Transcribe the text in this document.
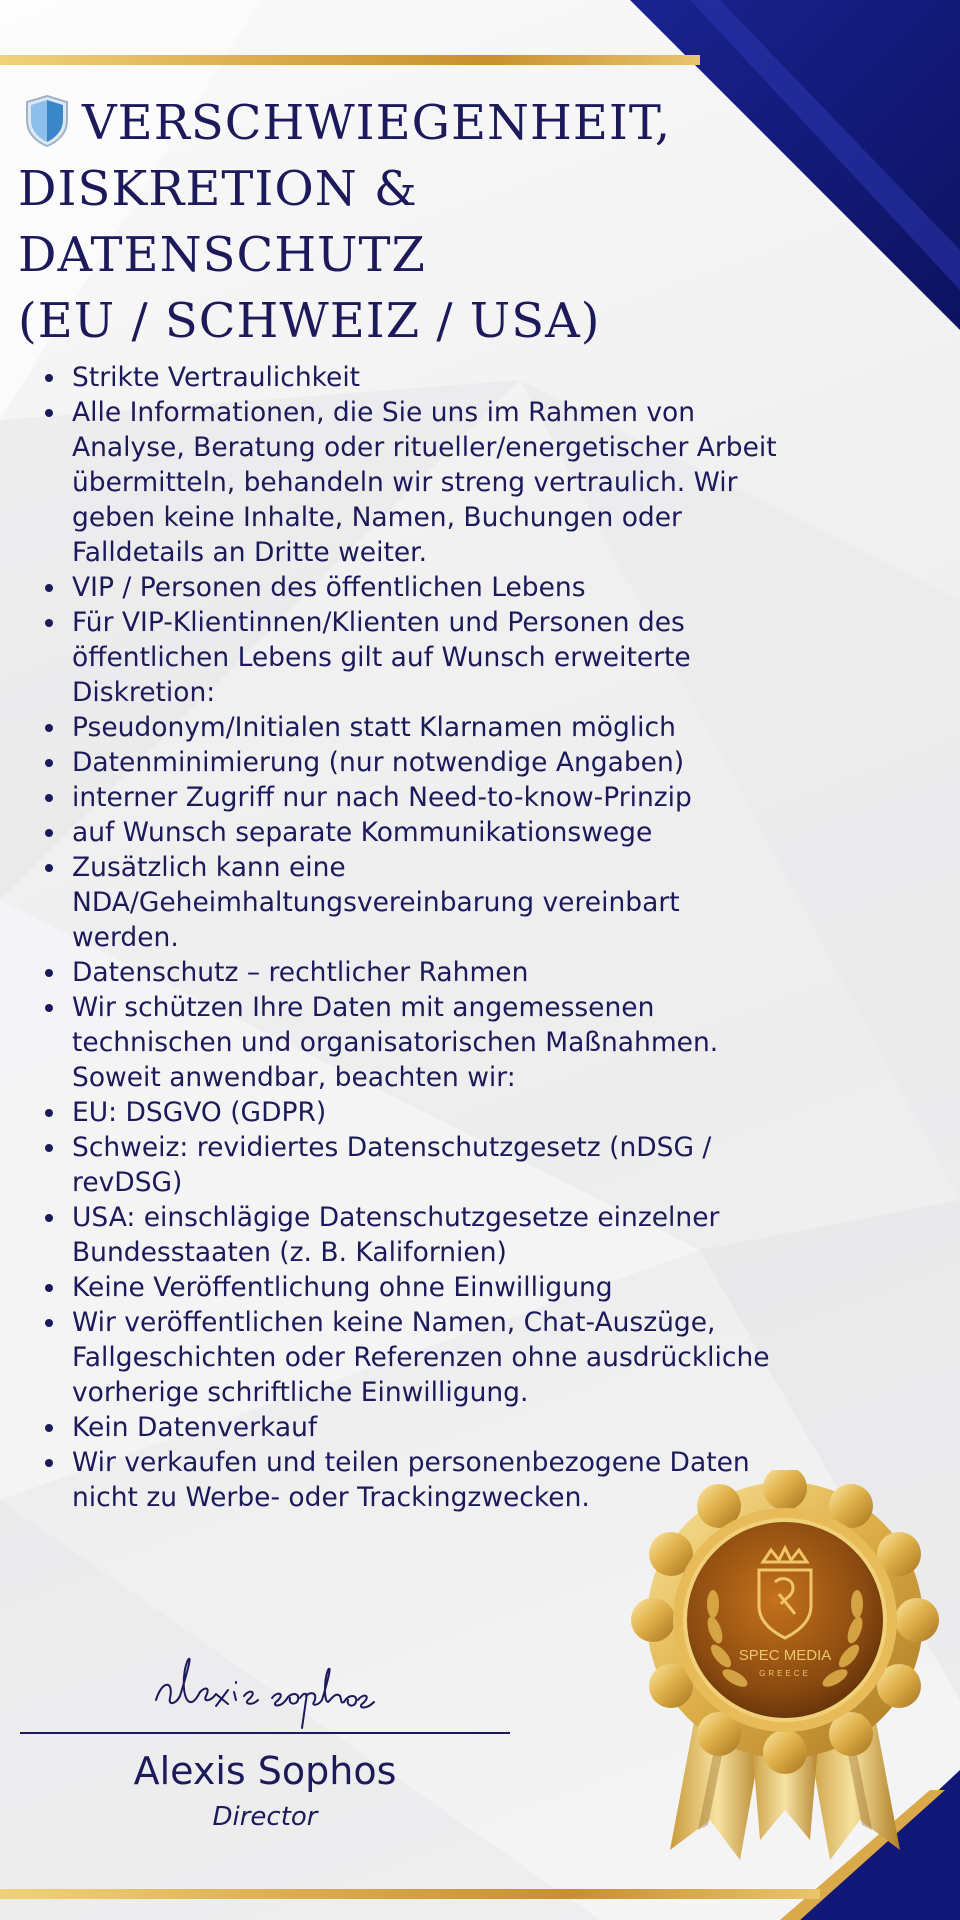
VERSCHWIEGENHEIT,
DISKRETION & DATENSCHUTZ
(EU / SCHWEIZ / USA)
Strikte Vertraulichkeit
Alle Informationen, die Sie uns im Rahmen von Analyse, Beratung oder ritueller/energetischer Arbeit übermitteln, behandeln wir streng vertraulich. Wir geben keine Inhalte, Namen, Buchungen oder Falldetails an Dritte weiter.
VIP / Personen des öffentlichen Lebens
Für VIP-Klientinnen/Klienten und Personen des öffentlichen Lebens gilt auf Wunsch erweiterte Diskretion:
Pseudonym/Initialen statt Klarnamen möglich
Datenminimierung (nur notwendige Angaben)
interner Zugriff nur nach Need-to-know-Prinzip
auf Wunsch separate Kommunikationswege
Zusätzlich kann eine NDA/Geheimhaltungsvereinbarung vereinbart werden.
Datenschutz – rechtlicher Rahmen
Wir schützen Ihre Daten mit angemessenen technischen und organisatorischen Maßnahmen. Soweit anwendbar, beachten wir:
EU: DSGVO (GDPR)
Schweiz: revidiertes Datenschutzgesetz (nDSG / revDSG)
USA: einschlägige Datenschutzgesetze einzelner Bundesstaaten (z. B. Kalifornien)
Keine Veröffentlichung ohne Einwilligung
Wir veröffentlichen keine Namen, Chat-Auszüge, Fallgeschichten oder Referenzen ohne ausdrückliche vorherige schriftliche Einwilligung.
Kein Datenverkauf
Wir verkaufen und teilen personenbezogene Daten nicht zu Werbe- oder Trackingzwecken.
Alexis Sophos
Director
SPEC MEDIA
GREECE
